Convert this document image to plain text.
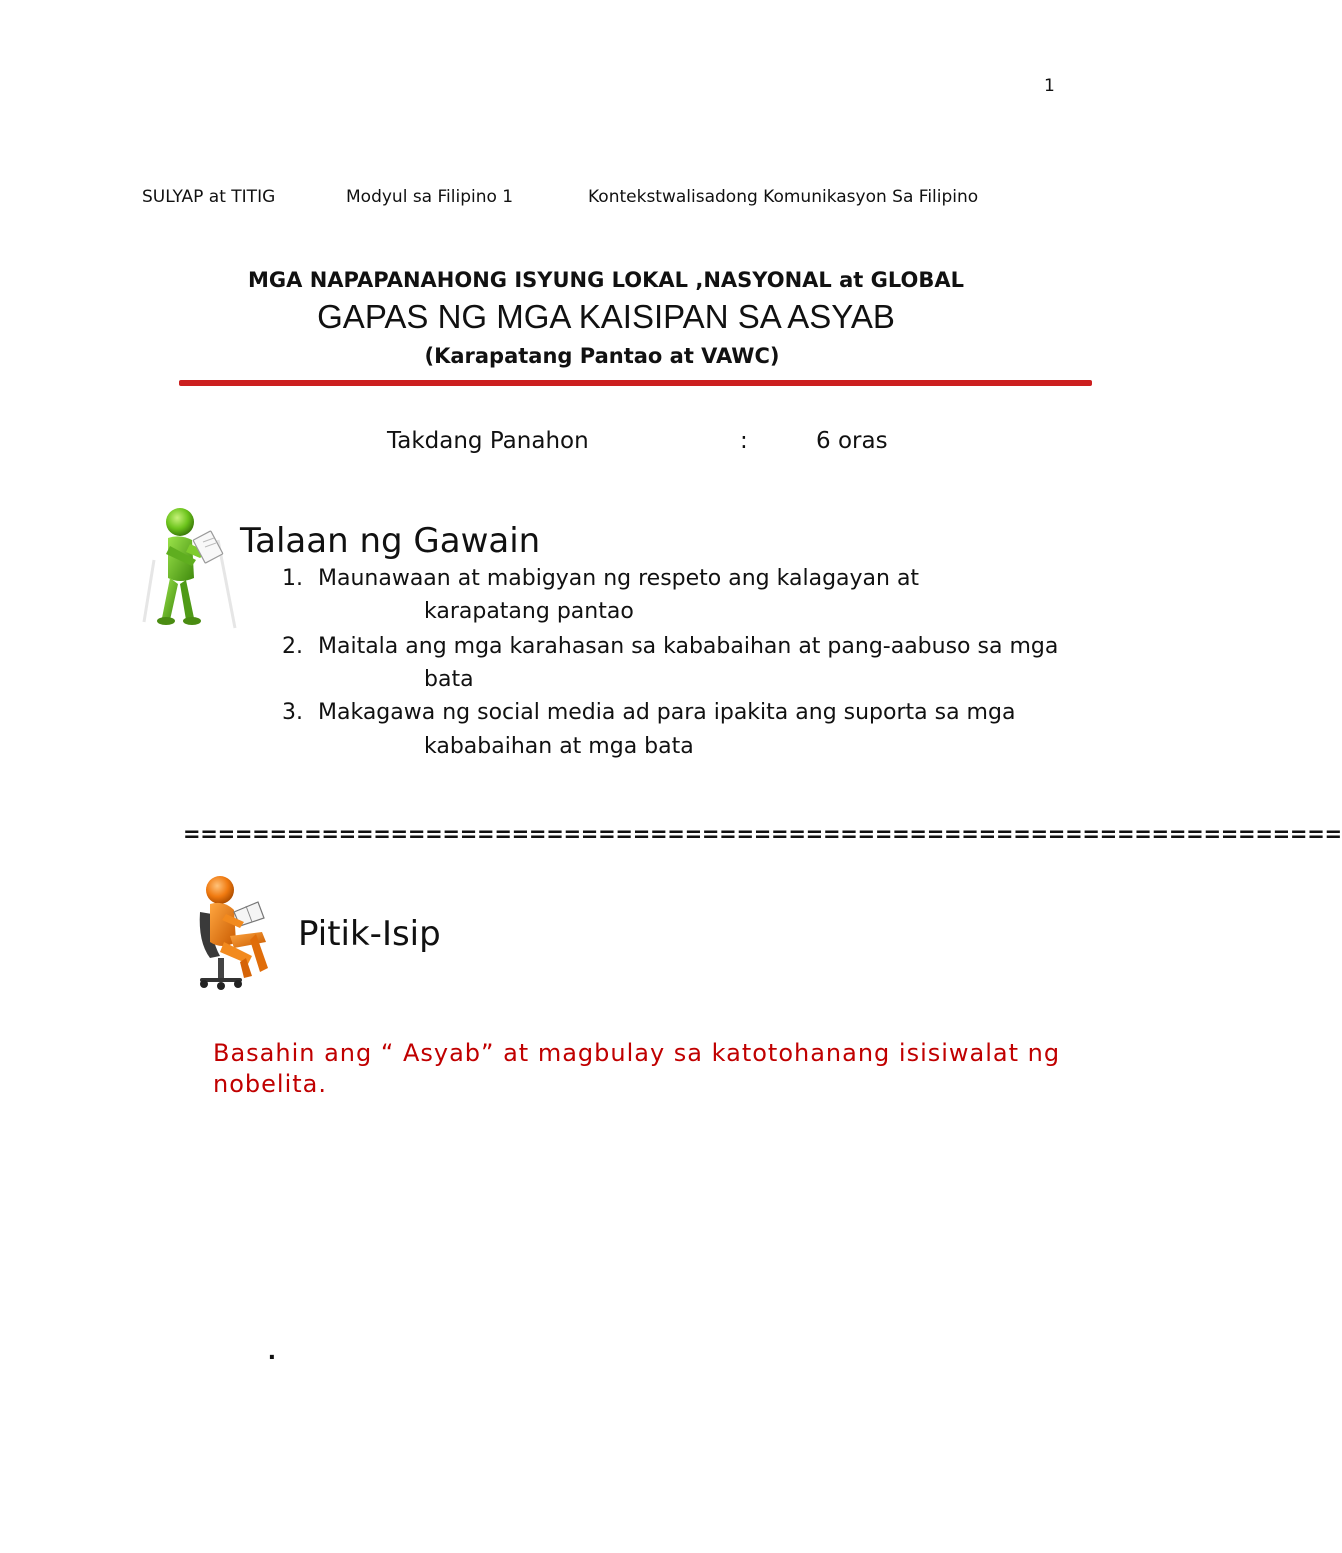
1
SULYAP at TITIG	Modyul sa Filipino 1	Kontekstwalisadong Komunikasyon Sa Filipino
MGA NAPAPANAHONG ISYUNG LOKAL ,NASYONAL at GLOBAL
GAPAS NG MGA KAISIPAN SA ASYAB
(Karapatang Pantao at VAWC)
Takdang Panahon	:	6 oras
Talaan ng Gawain
1. Maunawaan at mabigyan ng respeto ang kalagayan at
karapatang pantao
2. Maitala ang mga karahasan sa kababaihan at pang-aabuso sa mga
bata
3. Makagawa ng social media ad para ipakita ang suporta sa mga
kababaihan at mga bata
===================================================================
Pitik-Isip
Basahin ang “ Asyab” at magbulay sa katotohanang isisiwalat ng nobelita.
.
